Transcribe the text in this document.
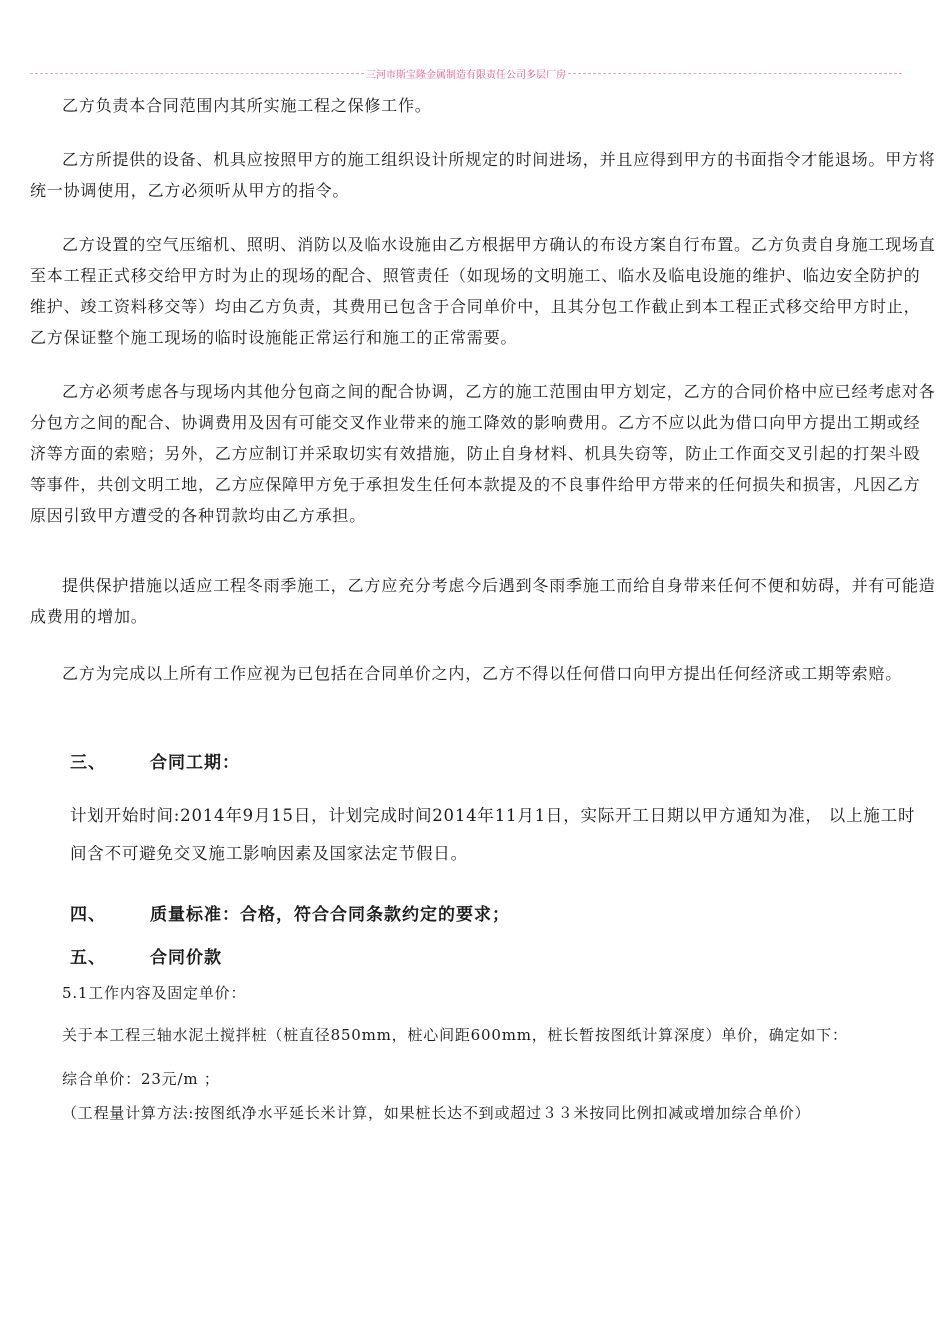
三河市斯宝隆金属制造有限责任公司多层厂房

乙方负责本合同范围内其所实施工程之保修工作。

乙方所提供的设备、机具应按照甲方的施工组织设计所规定的时间进场，并且应得到甲方的书面指令才能退场。甲方将统一协调使用，乙方必须听从甲方的指令。

乙方设置的空气压缩机、照明、消防以及临水设施由乙方根据甲方确认的布设方案自行布置。乙方负责自身施工现场直至本工程正式移交给甲方时为止的现场的配合、照管责任（如现场的文明施工、临水及临电设施的维护、临边安全防护的维护、竣工资料移交等）均由乙方负责，其费用已包含于合同单价中，且其分包工作截止到本工程正式移交给甲方时止，乙方保证整个施工现场的临时设施能正常运行和施工的正常需要。

乙方必须考虑各与现场内其他分包商之间的配合协调，乙方的施工范围由甲方划定，乙方的合同价格中应已经考虑对各分包方之间的配合、协调费用及因有可能交叉作业带来的施工降效的影响费用。乙方不应以此为借口向甲方提出工期或经济等方面的索赔；另外，乙方应制订并采取切实有效措施，防止自身材料、机具失窃等，防止工作面交叉引起的打架斗殴等事件，共创文明工地，乙方应保障甲方免于承担发生任何本款提及的不良事件给甲方带来的任何损失和损害，凡因乙方原因引致甲方遭受的各种罚款均由乙方承担。

提供保护措施以适应工程冬雨季施工，乙方应充分考虑今后遇到冬雨季施工而给自身带来任何不便和妨碍，并有可能造成费用的增加。

乙方为完成以上所有工作应视为已包括在合同单价之内，乙方不得以任何借口向甲方提出任何经济或工期等索赔。

三、	合同工期：

计划开始时间:2014年9月15日，计划完成时间2014年11月1日，实际开工日期以甲方通知为准， 以上施工时间含不可避免交叉施工影响因素及国家法定节假日。

四、	质量标准：合格，符合合同条款约定的要求；

五、	合同价款

5.1工作内容及固定单价：

关于本工程三轴水泥土搅拌桩（桩直径850mm，桩心间距600mm，桩长暂按图纸计算深度）单价，确定如下：

综合单价：23元/m ；

（工程量计算方法:按图纸净水平延长米计算，如果桩长达不到或超过３３米按同比例扣减或增加综合单价）
